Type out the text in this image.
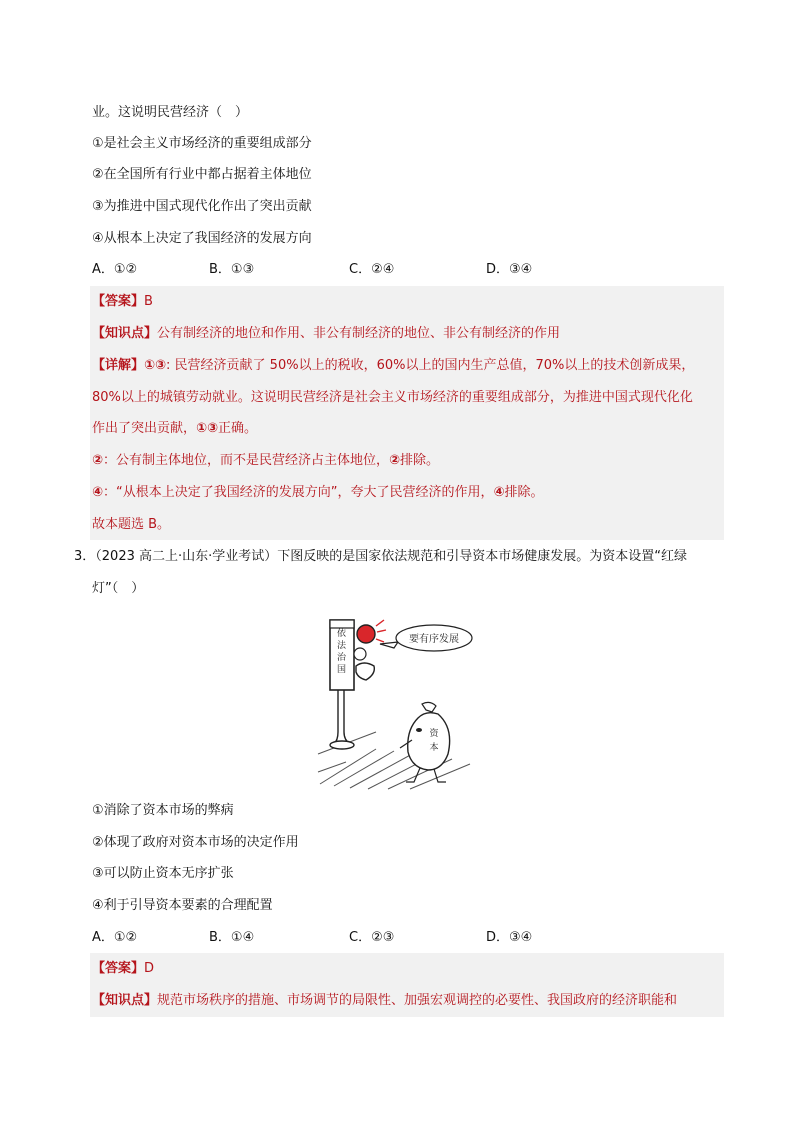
业。这说明民营经济（　）
①是社会主义市场经济的重要组成部分
②在全国所有行业中都占据着主体地位
③为推进中国式现代化作出了突出贡献
④从根本上决定了我国经济的发展方向
A．①②	B．①③	C．②④	D．③④
【答案】B
【知识点】公有制经济的地位和作用、非公有制经济的地位、非公有制经济的作用
【详解】①③: 民营经济贡献了 50%以上的税收，60%以上的国内生产总值，70%以上的技术创新成果，
80%以上的城镇劳动就业。这说明民营经济是社会主义市场经济的重要组成部分，为推进中国式现代化化
作出了突出贡献，①③正确。
②：公有制主体地位，而不是民营经济占主体地位，②排除。
④：“从根本上决定了我国经济的发展方向”，夸大了民营经济的作用，④排除。
故本题选 B。
3．（2023 高二上·山东·学业考试）下图反映的是国家依法规范和引导资本市场健康发展。为资本设置“红绿
灯”（　）
依
法
治
国
要有序发展
资
本
①消除了资本市场的弊病
②体现了政府对资本市场的决定作用
③可以防止资本无序扩张
④利于引导资本要素的合理配置
A．①②	B．①④	C．②③	D．③④
【答案】D
【知识点】规范市场秩序的措施、市场调节的局限性、加强宏观调控的必要性、我国政府的经济职能和
